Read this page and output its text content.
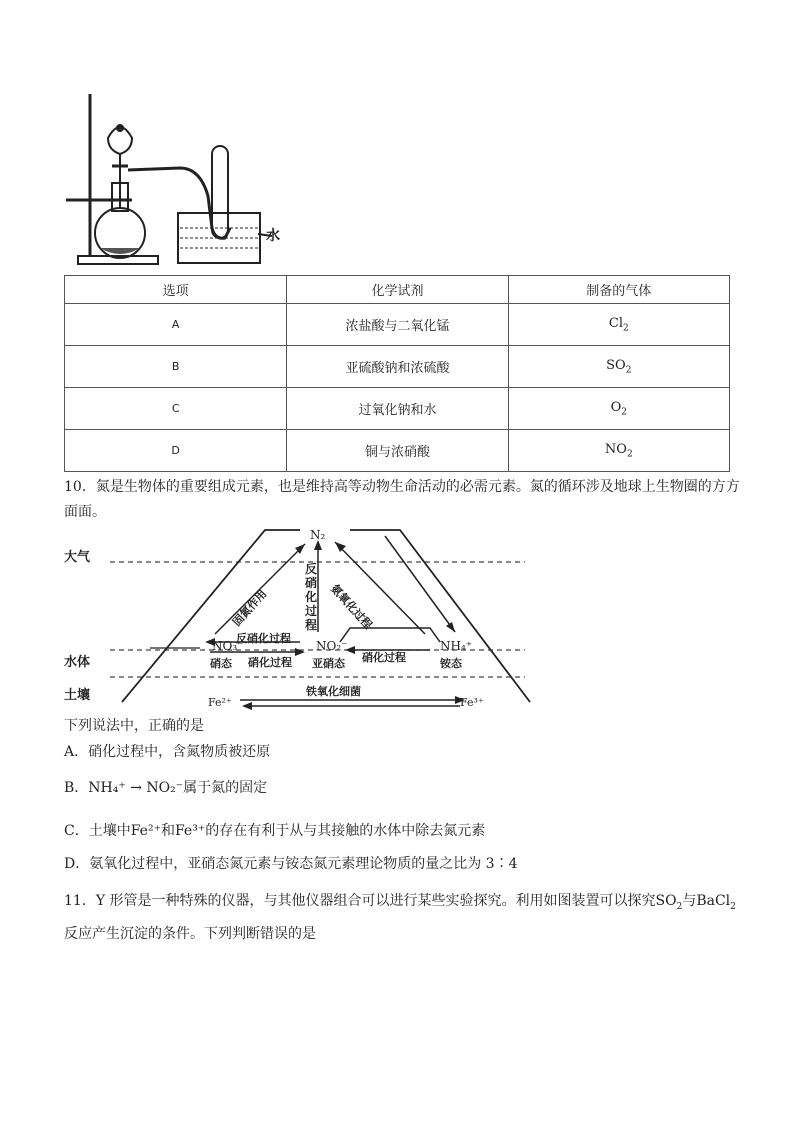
水
选项	化学试剂	制备的气体
A	浓盐酸与二氧化锰	$Cl_2$
B	亚硫酸钠和浓硫酸	$SO_2$
C	过氧化钠和水	$O_2$
D	铜与浓硝酸	$NO_2$
10．氮是生物体的重要组成元素，也是维持高等动物生命活动的必需元素。氮的循环涉及地球上生物圈的方方
面面。
大气
水体
土壤
N₂
NO₃⁻	NO₂⁻	NH₄⁺
硝态	亚硝态	铵态
Fe²⁺	Fe³⁺
反硝化过程
硝化过程	硝化过程
反硝化过程 氨氧化过程
固氮作用
铁氧化细菌
下列说法中，正确的是
A．硝化过程中，含氮物质被还原
B．NH₄⁺ → NO₂⁻属于氮的固定
C．土壤中Fe²⁺和Fe³⁺的存在有利于从与其接触的水体中除去氮元素
D．氨氧化过程中，亚硝态氮元素与铵态氮元素理论物质的量之比为 3∶4
11．Y 形管是一种特殊的仪器，与其他仪器组合可以进行某些实验探究。利用如图装置可以探究$SO_2$与BaCl$_2$
反应产生沉淀的条件。下列判断错误的是
